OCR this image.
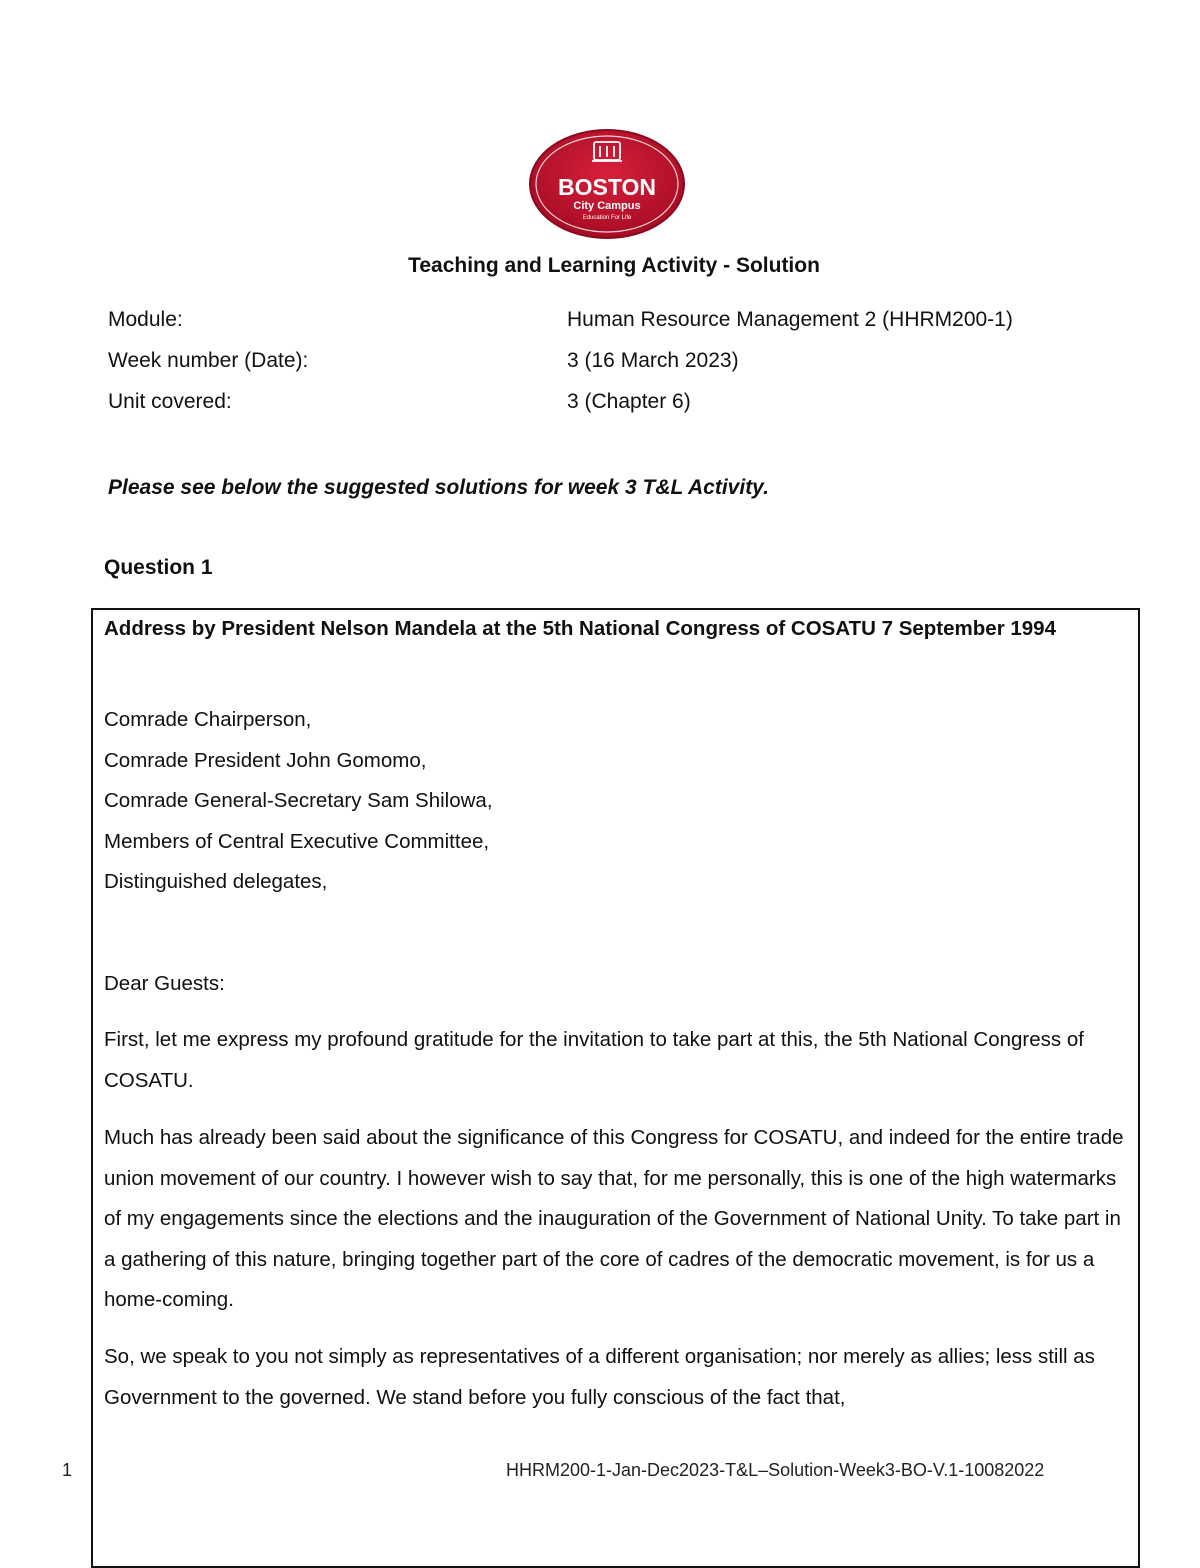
BOSTON
City Campus
Education For Life
Teaching and Learning Activity - Solution
Module:	Human Resource Management 2 (HHRM200-1)
Week number (Date):	3 (16 March 2023)
Unit covered:	3 (Chapter 6)
Please see below the suggested solutions for week 3 T&L Activity.
Question 1
Address by President Nelson Mandela at the 5th National Congress of COSATU 7 September 1994
Comrade Chairperson,
Comrade President John Gomomo,
Comrade General-Secretary Sam Shilowa,
Members of Central Executive Committee,
Distinguished delegates,
Dear Guests:
First, let me express my profound gratitude for the invitation to take part at this, the 5th National Congress of COSATU.
Much has already been said about the significance of this Congress for COSATU, and indeed for the entire trade union movement of our country. I however wish to say that, for me personally, this is one of the high watermarks of my engagements since the elections and the inauguration of the Government of National Unity. To take part in a gathering of this nature, bringing together part of the core of cadres of the democratic movement, is for us a home-coming.
So, we speak to you not simply as representatives of a different organisation; nor merely as allies; less still as Government to the governed. We stand before you fully conscious of the fact that,
1	HHRM200-1-Jan-Dec2023-T&L–Solution-Week3-BO-V.1-10082022
